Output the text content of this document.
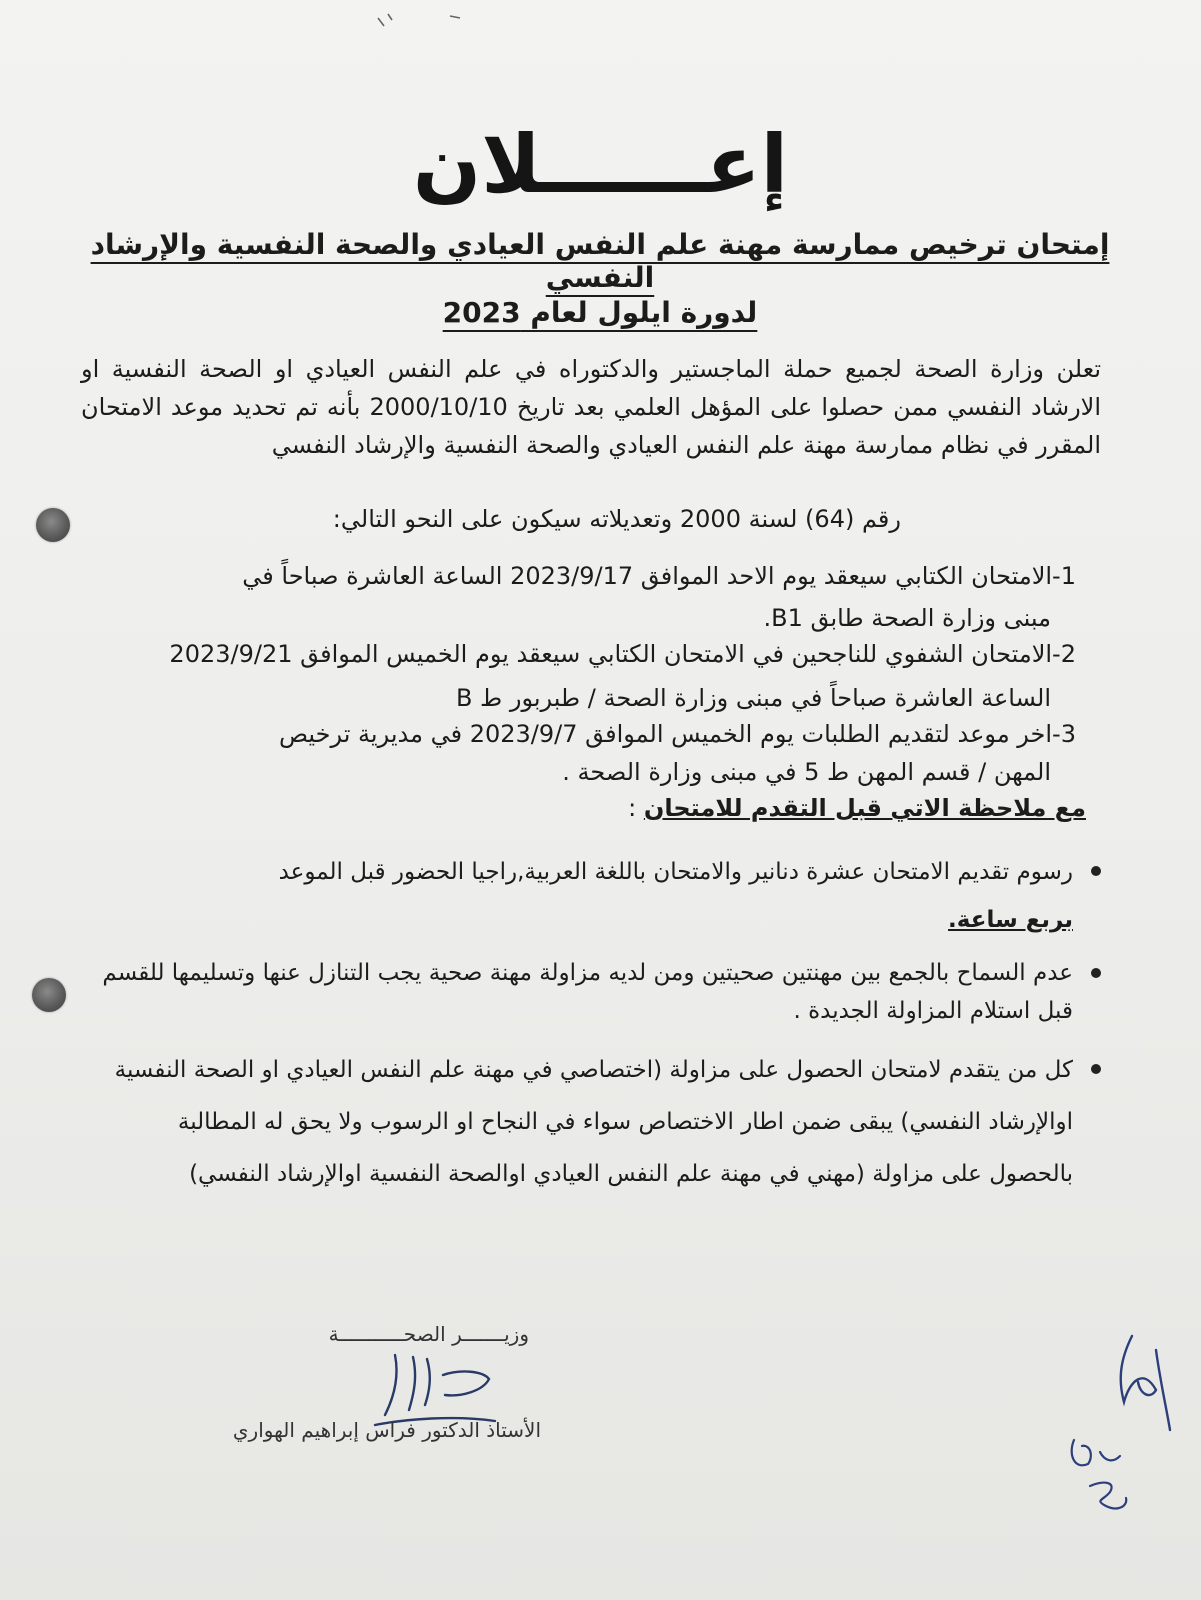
إعــــــلان
إمتحان ترخيص ممارسة مهنة علم النفس العيادي والصحة النفسية والإرشاد النفسي
لدورة ايلول لعام 2023
تعلن وزارة الصحة لجميع حملة الماجستير والدكتوراه في علم النفس العيادي او الصحة النفسية او الارشاد النفسي ممن حصلوا على المؤهل العلمي بعد تاريخ 2000/10/10 بأنه تم تحديد موعد الامتحان المقرر في نظام ممارسة مهنة علم النفس العيادي والصحة النفسية والإرشاد النفسي
رقم (64) لسنة 2000 وتعديلاته سيكون على النحو التالي:
1-الامتحان الكتابي سيعقد يوم الاحد الموافق 2023/9/17 الساعة العاشرة صباحاً في
مبنى وزارة الصحة طابق B1.
2-الامتحان الشفوي للناجحين في الامتحان الكتابي سيعقد يوم الخميس الموافق 2023/9/21
الساعة العاشرة صباحاً في مبنى وزارة الصحة / طبربور ط B
3-اخر موعد لتقديم الطلبات يوم الخميس الموافق 2023/9/7 في مديرية ترخيص
المهن / قسم المهن ط 5 في مبنى وزارة الصحة .
مع ملاحظة الاتي قبل التقدم للامتحان :
رسوم تقديم الامتحان عشرة دنانير والامتحان باللغة العربية,راجيا الحضور قبل الموعد
بربع ساعة.
عدم السماح بالجمع بين مهنتين صحيتين ومن لديه مزاولة مهنة صحية يجب التنازل عنها وتسليمها للقسم قبل استلام المزاولة الجديدة .
كل من يتقدم لامتحان الحصول على مزاولة (اختصاصي في مهنة علم النفس العيادي او الصحة النفسية اوالإرشاد النفسي) يبقى ضمن اطار الاختصاص سواء في النجاح او الرسوب ولا يحق له المطالبة بالحصول على مزاولة (مهني في مهنة علم النفس العيادي اوالصحة النفسية اوالإرشاد النفسي)
وزيـــــــر الصحـــــــــــة
الأستاذ الدكتور فراس إبراهيم الهواري
